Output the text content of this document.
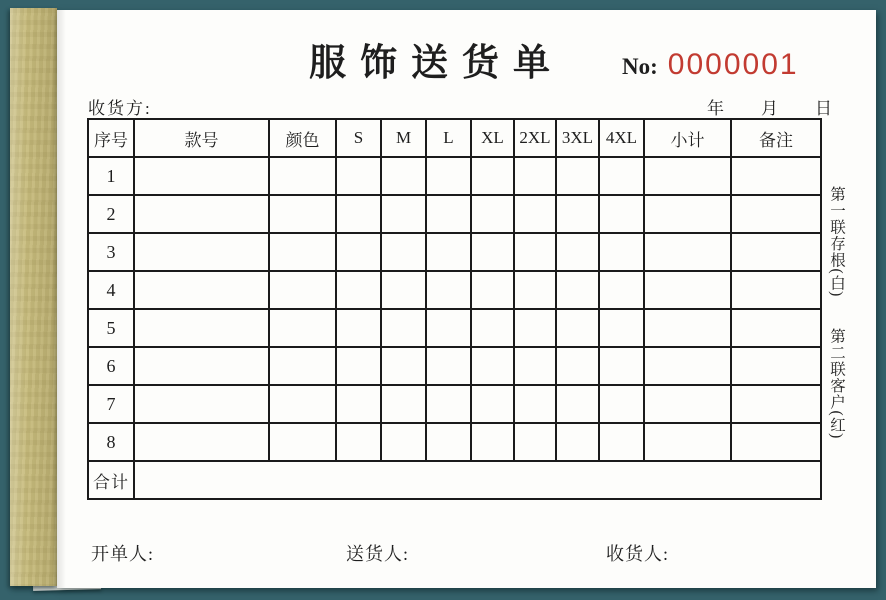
服饰送货单	No: 0000001
收货方:	年 月 日
序号	款号	颜色	S	M	L	XL	2XL	3XL	4XL	小计	备注
1											
2											
3											
4											
5											
6											
7											
8											
合计											
第一联存根(白)
第二联客户(红)
开单人:	送货人:	收货人:
